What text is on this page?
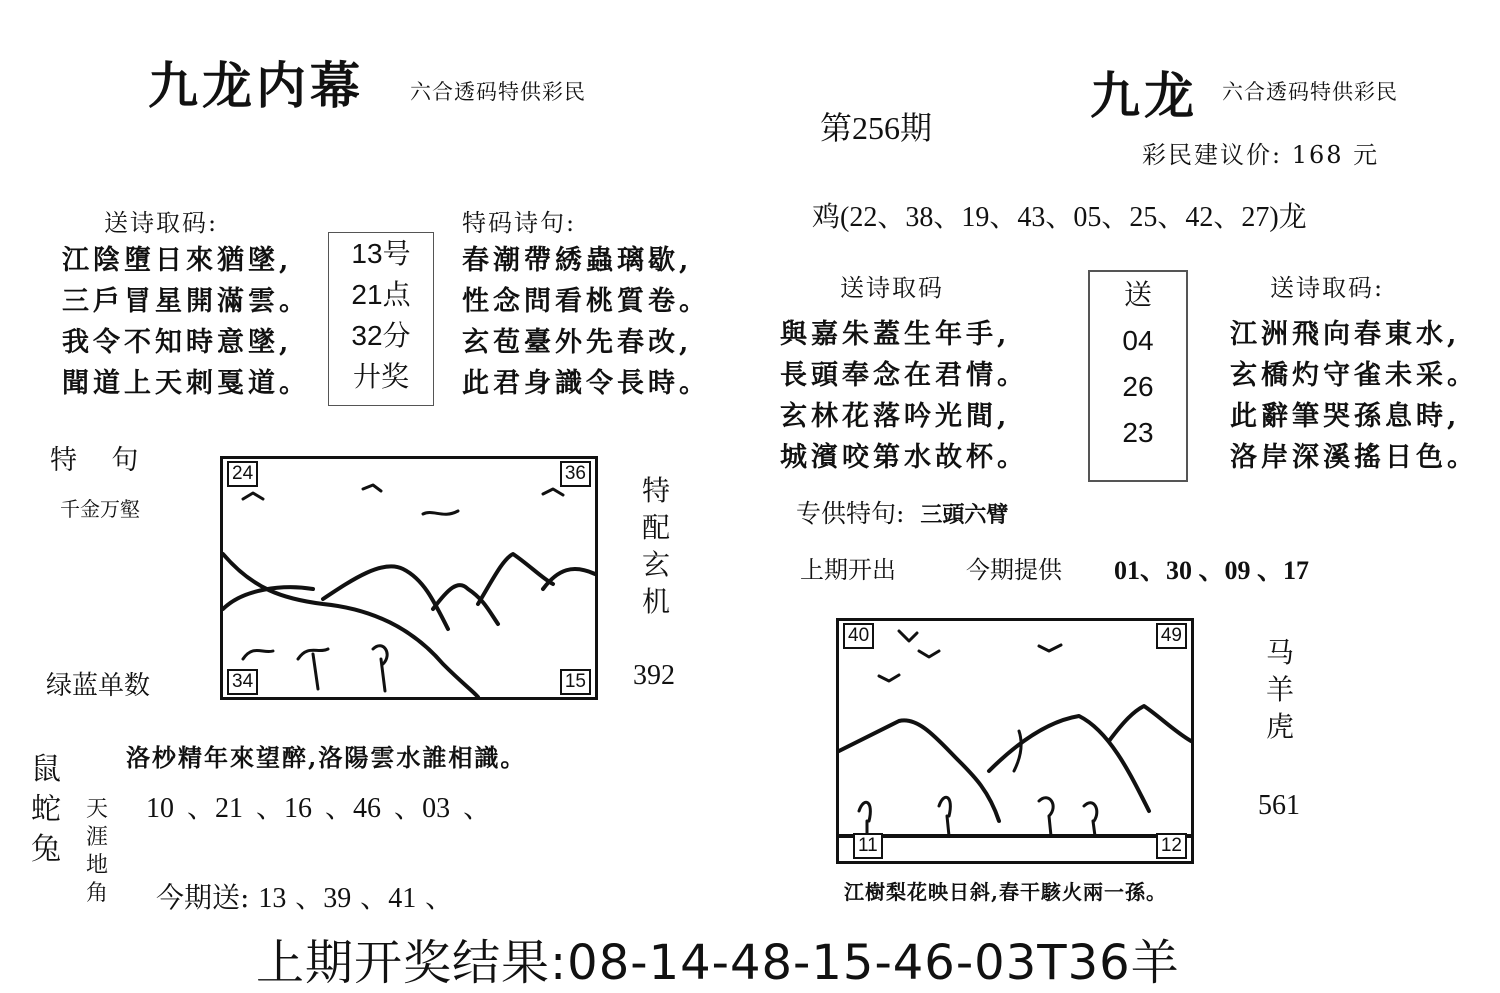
九龙内幕 六合透码特供彩民
送诗取码:
江陰墮日來猶墜,
三戶冒星開滿雲。
我令不知時意墜,
聞道上天刺戛道。
13号
21点
32分
廾奖
特码诗句:
春潮帶綉蟲璃歇,
性念問看桃質卷。
玄苞臺外先春改,
此君身識令長時。
特    句
千金万壑
绿蓝单数
24	36
34	15
特
配
玄
机
392
洛杪精年來望醉,洛陽雲水誰相識。
鼠
蛇
兔
天
涯
地
角
10 、21 、16 、46 、03 、
今期送: 13 、39 、41 、
九龙 六合透码特供彩民
第256期
彩民建议价: 168 元
鸡(22、38、19、43、05、25、42、27)龙
送诗取码
與嘉朱蓋生年手,
長頭奉念在君情。
玄林花落吟光間,
城濱咬第水故杯。
送
04
26
23
送诗取码:
江洲飛向春東水,
玄橋灼守雀未采。
此辭筆哭孫息時,
洛岸深溪搖日色。
专供特句: 三頭六臂
上期开出	今期提供 01、30 、09 、17
40	49
11	12
马
羊
虎
561
江樹梨花映日斜,春干駭火兩一孫。
上期开奖结果:08-14-48-15-46-03T36羊
